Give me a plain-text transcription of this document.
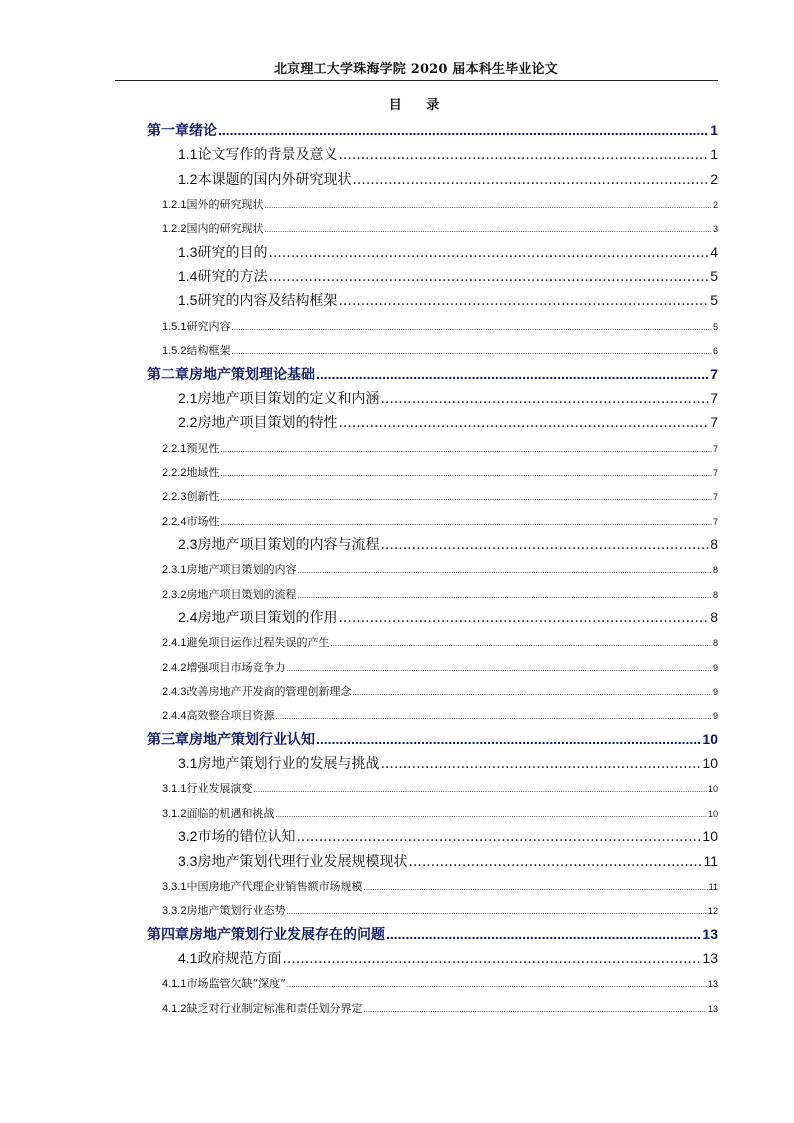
北京理工大学珠海学院 2020 届本科生毕业论文
目 录
第一章 绪论 .....	1
1.1 论文写作的背景及意义 .....	1
1.2 本课题的国内外研究现状 .....	2
1.2.1 国外的研究现状 .....	2
1.2.2 国内的研究现状 .....	3
1.3 研究的目的 .....	4
1.4 研究的方法 .....	5
1.5 研究的内容及结构框架 .....	5
1.5.1 研究内容 .....	5
1.5.2 结构框架 .....	6
第二章 房地产策划理论基础 .....	7
2.1 房地产项目策划的定义和内涵 .....	7
2.2 房地产项目策划的特性 .....	7
2.2.1 预见性 .....	7
2.2.2 地域性 .....	7
2.2.3 创新性 .....	7
2.2.4 市场性 .....	7
2.3 房地产项目策划的内容与流程 .....	8
2.3.1 房地产项目策划的内容 .....	8
2.3.2 房地产项目策划的流程 .....	8
2.4 房地产项目策划的作用 .....	8
2.4.1 避免项目运作过程失误的产生 .....	8
2.4.2 增强项目市场竞争力 .....	9
2.4.3 改善房地产开发商的管理创新理念 .....	9
2.4.4 高效整合项目资源 .....	9
第三章 房地产策划行业认知 .....	10
3.1 房地产策划行业的发展与挑战 .....	10
3.1.1 行业发展演变 .....	10
3.1.2 面临的机遇和挑战 .....	10
3.2 市场的错位认知 .....	10
3.3 房地产策划代理行业发展规模现状 .....	11
3.3.1 中国房地产代理企业销售额市场规模 .....	11
3.3.2 房地产策划行业态势 .....	12
第四章 房地产策划行业发展存在的问题 .....	13
4.1 政府规范方面 .....	13
4.1.1 市场监管欠缺“深度” .....	13
4.1.2 缺乏对行业制定标准和责任划分界定 .....	13
